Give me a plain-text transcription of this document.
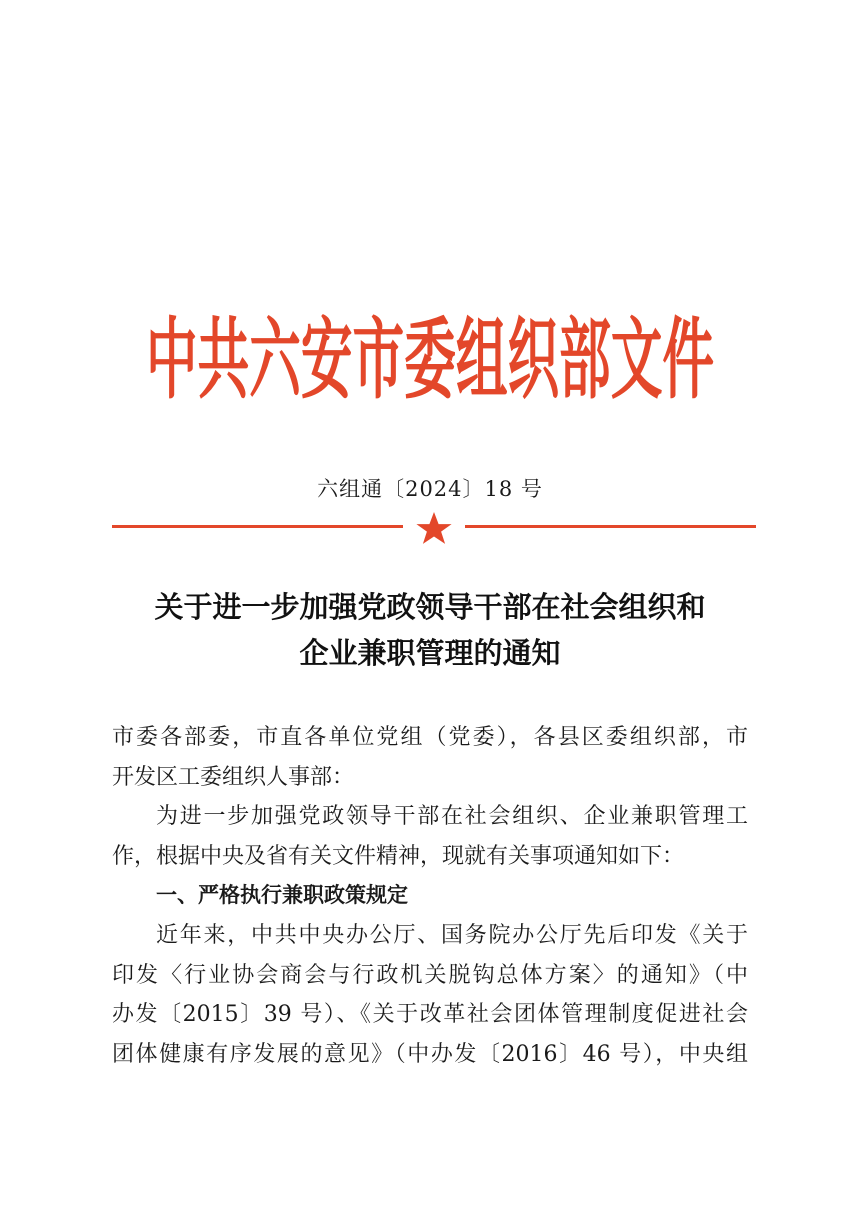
中共六安市委组织部文件
六组通〔2024〕18 号
关于进一步加强党政领导干部在社会组织和
企业兼职管理的通知
市委各部委，市直各单位党组（党委），各县区委组织部，市
开发区工委组织人事部：
为进一步加强党政领导干部在社会组织、企业兼职管理工
作，根据中央及省有关文件精神，现就有关事项通知如下：
一、严格执行兼职政策规定
近年来，中共中央办公厅、国务院办公厅先后印发《关于
印发〈行业协会商会与行政机关脱钩总体方案〉的通知》（中
办发〔2015〕39 号）、《关于改革社会团体管理制度促进社会
团体健康有序发展的意见》（中办发〔2016〕46 号），中央组
